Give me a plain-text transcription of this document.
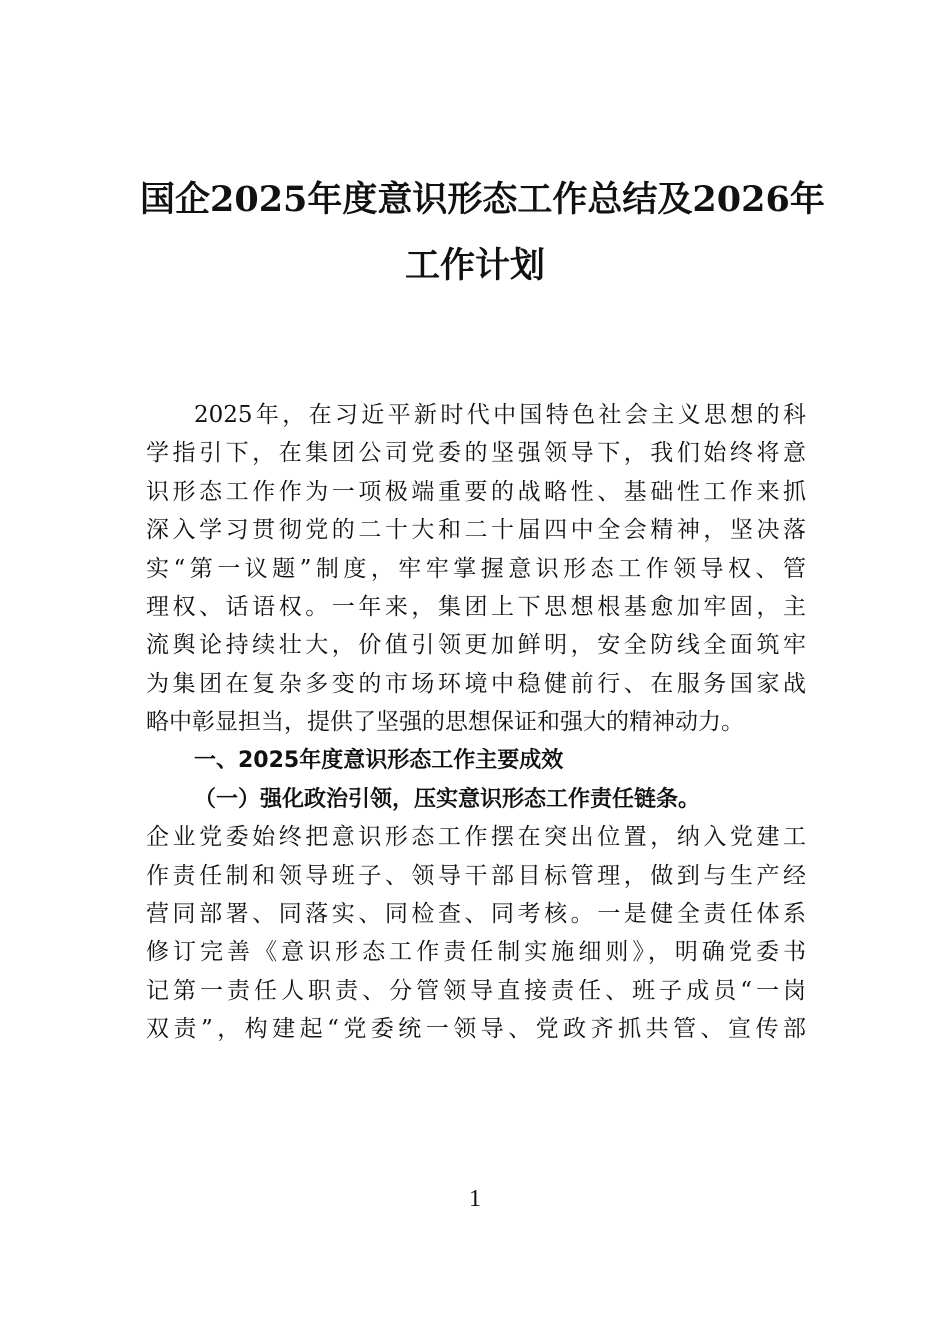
国企2025年度意识形态工作总结及2026年
工作计划
2025年，在习近平新时代中国特色社会主义思想的科
学指引下，在集团公司党委的坚强领导下，我们始终将意
识形态工作作为一项极端重要的战略性、基础性工作来抓
深入学习贯彻党的二十大和二十届四中全会精神，坚决落
实“第一议题”制度，牢牢掌握意识形态工作领导权、管
理权、话语权。一年来，集团上下思想根基愈加牢固，主
流舆论持续壮大，价值引领更加鲜明，安全防线全面筑牢
为集团在复杂多变的市场环境中稳健前行、在服务国家战
略中彰显担当，提供了坚强的思想保证和强大的精神动力。
一、2025年度意识形态工作主要成效
（一）强化政治引领，压实意识形态工作责任链条。
企业党委始终把意识形态工作摆在突出位置，纳入党建工
作责任制和领导班子、领导干部目标管理，做到与生产经
营同部署、同落实、同检查、同考核。一是健全责任体系
修订完善《意识形态工作责任制实施细则》，明确党委书
记第一责任人职责、分管领导直接责任、班子成员“一岗
双责”，构建起“党委统一领导、党政齐抓共管、宣传部
1
